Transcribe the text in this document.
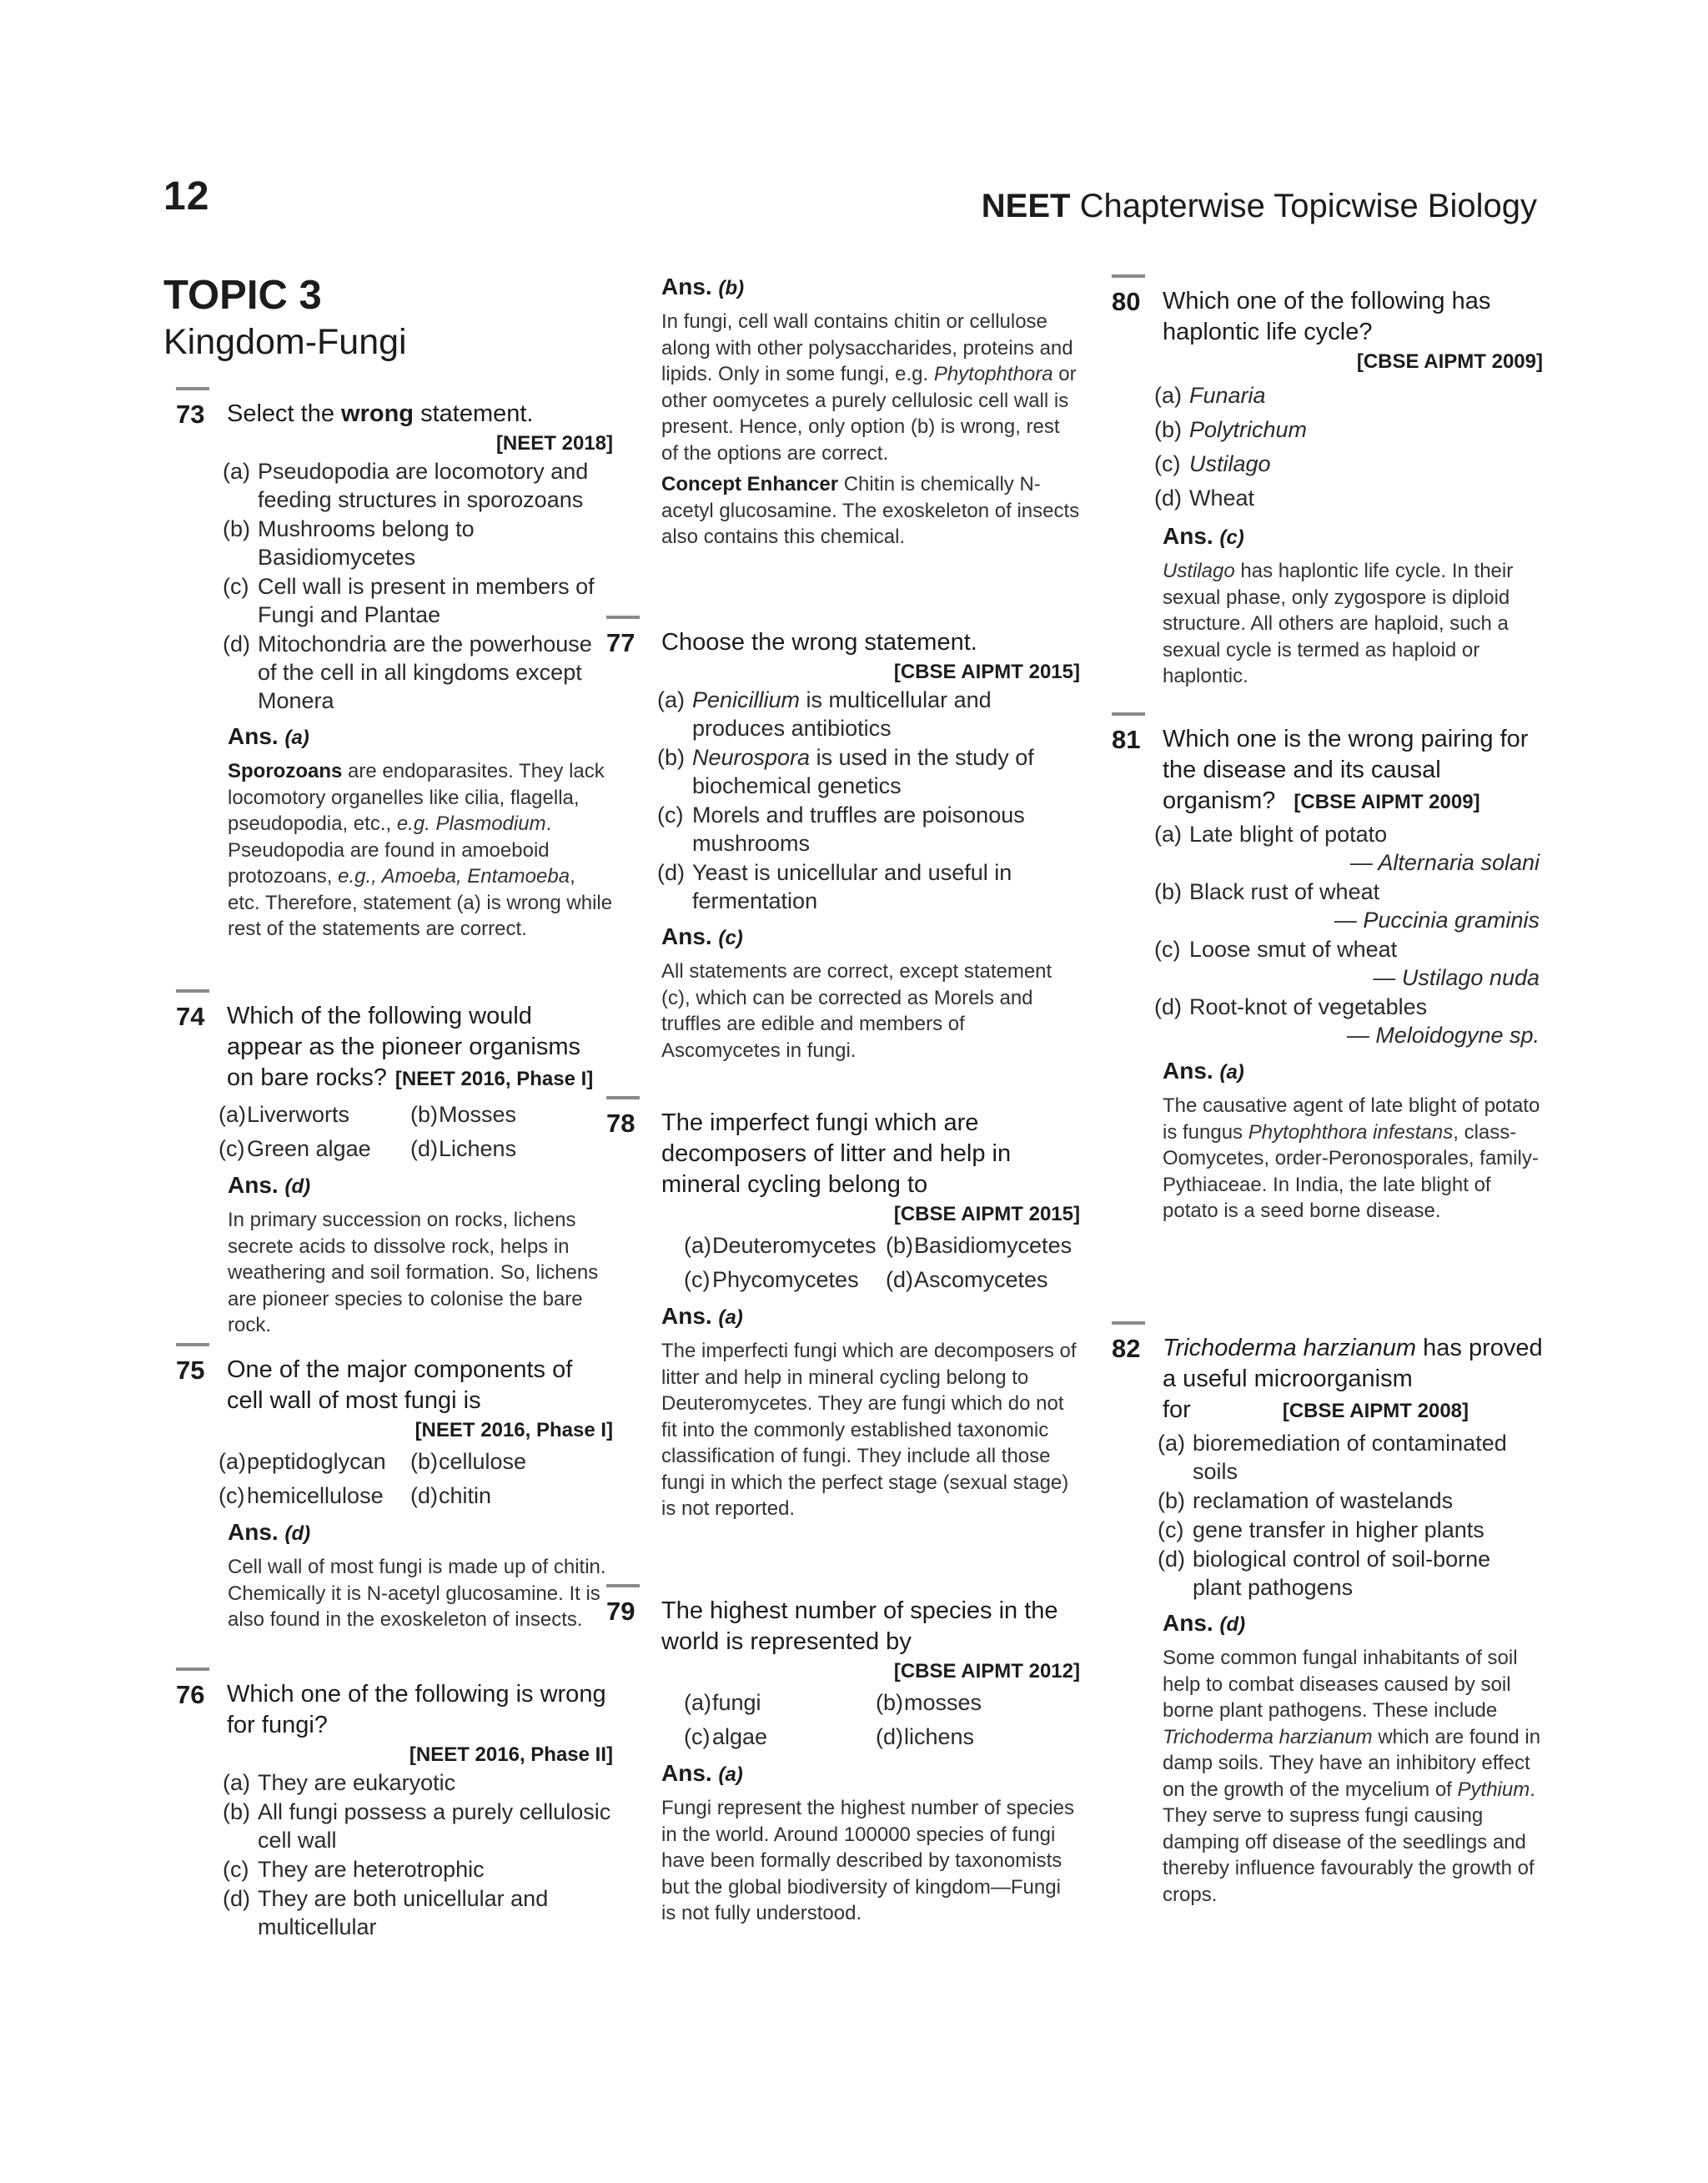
12	NEET Chapterwise Topicwise Biology
TOPIC 3
Kingdom-Fungi
73 Select the wrong statement.
[NEET 2018]
(a) Pseudopodia are locomotory and feeding structures in sporozoans
(b) Mushrooms belong to Basidiomycetes
(c) Cell wall is present in members of Fungi and Plantae
(d) Mitochondria are the powerhouse of the cell in all kingdoms except Monera
Ans. (a)
Sporozoans are endoparasites. They lack locomotory organelles like cilia, flagella, pseudopodia, etc., e.g. Plasmodium. Pseudopodia are found in amoeboid protozoans, e.g., Amoeba, Entamoeba, etc. Therefore, statement (a) is wrong while rest of the statements are correct.
74 Which of the following would appear as the pioneer organisms on bare rocks? [NEET 2016, Phase I]
(a)Liverworts	(b)Mosses
(c)Green algae	(d)Lichens
Ans. (d)
In primary succession on rocks, lichens secrete acids to dissolve rock, helps in weathering and soil formation. So, lichens are pioneer species to colonise the bare rock.
75 One of the major components of cell wall of most fungi is
[NEET 2016, Phase I]
(a)peptidoglycan	(b)cellulose
(c)hemicellulose	(d)chitin
Ans. (d)
Cell wall of most fungi is made up of chitin. Chemically it is N-acetyl glucosamine. It is also found in the exoskeleton of insects.
76 Which one of the following is wrong for fungi?
[NEET 2016, Phase II]
(a) They are eukaryotic
(b) All fungi possess a purely cellulosic cell wall
(c) They are heterotrophic
(d) They are both unicellular and multicellular
Ans. (b)
In fungi, cell wall contains chitin or cellulose along with other polysaccharides, proteins and lipids. Only in some fungi, e.g. Phytophthora or other oomycetes a purely cellulosic cell wall is present. Hence, only option (b) is wrong, rest of the options are correct.
Concept Enhancer Chitin is chemically N-acetyl glucosamine. The exoskeleton of insects also contains this chemical.
77 Choose the wrong statement.
[CBSE AIPMT 2015]
(a) Penicillium is multicellular and produces antibiotics
(b) Neurospora is used in the study of biochemical genetics
(c) Morels and truffles are poisonous mushrooms
(d) Yeast is unicellular and useful in fermentation
Ans. (c)
All statements are correct, except statement (c), which can be corrected as Morels and truffles are edible and members of Ascomycetes in fungi.
78 The imperfect fungi which are decomposers of litter and help in mineral cycling belong to
[CBSE AIPMT 2015]
(a)Deuteromycetes (b)Basidiomycetes
(c)Phycomycetes	(d)Ascomycetes
Ans. (a)
The imperfecti fungi which are decomposers of litter and help in mineral cycling belong to Deuteromycetes. They are fungi which do not fit into the commonly established taxonomic classification of fungi. They include all those fungi in which the perfect stage (sexual stage) is not reported.
79 The highest number of species in the world is represented by
[CBSE AIPMT 2012]
(a)fungi	(b)mosses
(c)algae	(d)lichens
Ans. (a)
Fungi represent the highest number of species in the world. Around 100000 species of fungi have been formally described by taxonomists but the global biodiversity of kingdom—Fungi is not fully understood.
80 Which one of the following has haplontic life cycle?
[CBSE AIPMT 2009]
(a) Funaria
(b) Polytrichum
(c) Ustilago
(d) Wheat
Ans. (c)
Ustilago has haplontic life cycle. In their sexual phase, only zygospore is diploid structure. All others are haploid, such a sexual cycle is termed as haploid or haplontic.
81 Which one is the wrong pairing for the disease and its causal organism? [CBSE AIPMT 2009]
(a) Late blight of potato
— Alternaria solani
(b) Black rust of wheat
— Puccinia graminis
(c) Loose smut of wheat
— Ustilago nuda
(d) Root-knot of vegetables
— Meloidogyne sp.
Ans. (a)
The causative agent of late blight of potato is fungus Phytophthora infestans, class-Oomycetes, order-Peronosporales, family-Pythiaceae. In India, the late blight of potato is a seed borne disease.
82 Trichoderma harzianum has proved a useful microorganism for	[CBSE AIPMT 2008]
(a) bioremediation of contaminated soils
(b) reclamation of wastelands
(c) gene transfer in higher plants
(d) biological control of soil-borne plant pathogens
Ans. (d)
Some common fungal inhabitants of soil help to combat diseases caused by soil borne plant pathogens. These include Trichoderma harzianum which are found in damp soils. They have an inhibitory effect on the growth of the mycelium of Pythium. They serve to supress fungi causing damping off disease of the seedlings and thereby influence favourably the growth of crops.
